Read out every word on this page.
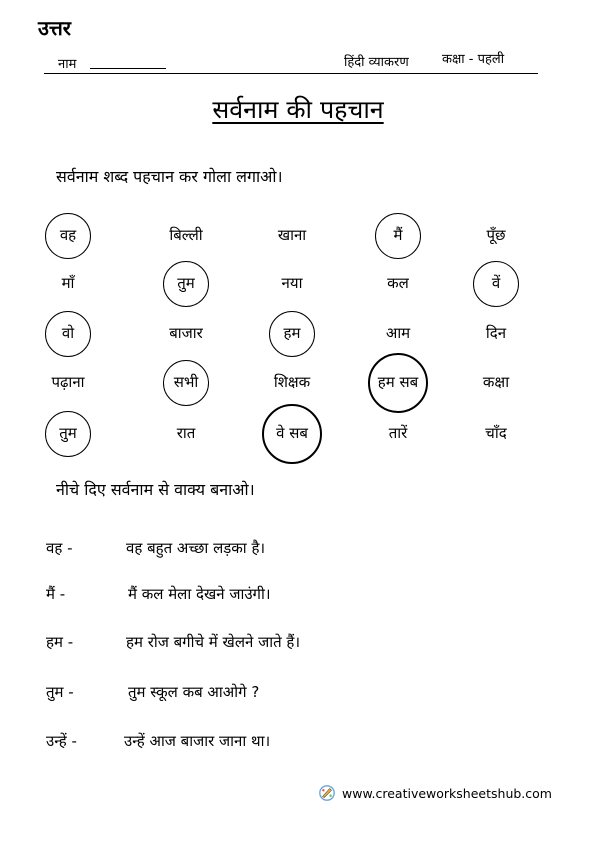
उत्तर
नाम	हिंदी व्याकरण	कक्षा - पहली
सर्वनाम की पहचान
सर्वनाम शब्द पहचान कर गोला लगाओ।
वह	बिल्ली	खाना	मैं	पूँछ
माँ	तुम	नया	कल	वें
वो	बाजार	हम	आम	दिन
पढ़ाना	सभी	शिक्षक	हम सब	कक्षा
तुम	रात	वे सब	तारें	चाँद
नीचे दिए सर्वनाम से वाक्य बनाओ।
वह -	वह बहुत अच्छा लड़का है।
मैं -	मैं कल मेला देखने जाउंगी।
हम -	हम रोज बगीचे में खेलने जाते हैं।
तुम -	तुम स्कूल कब आओगे ?
उन्हें -	उन्हें आज बाजार जाना था।
www.creativeworksheetshub.com
